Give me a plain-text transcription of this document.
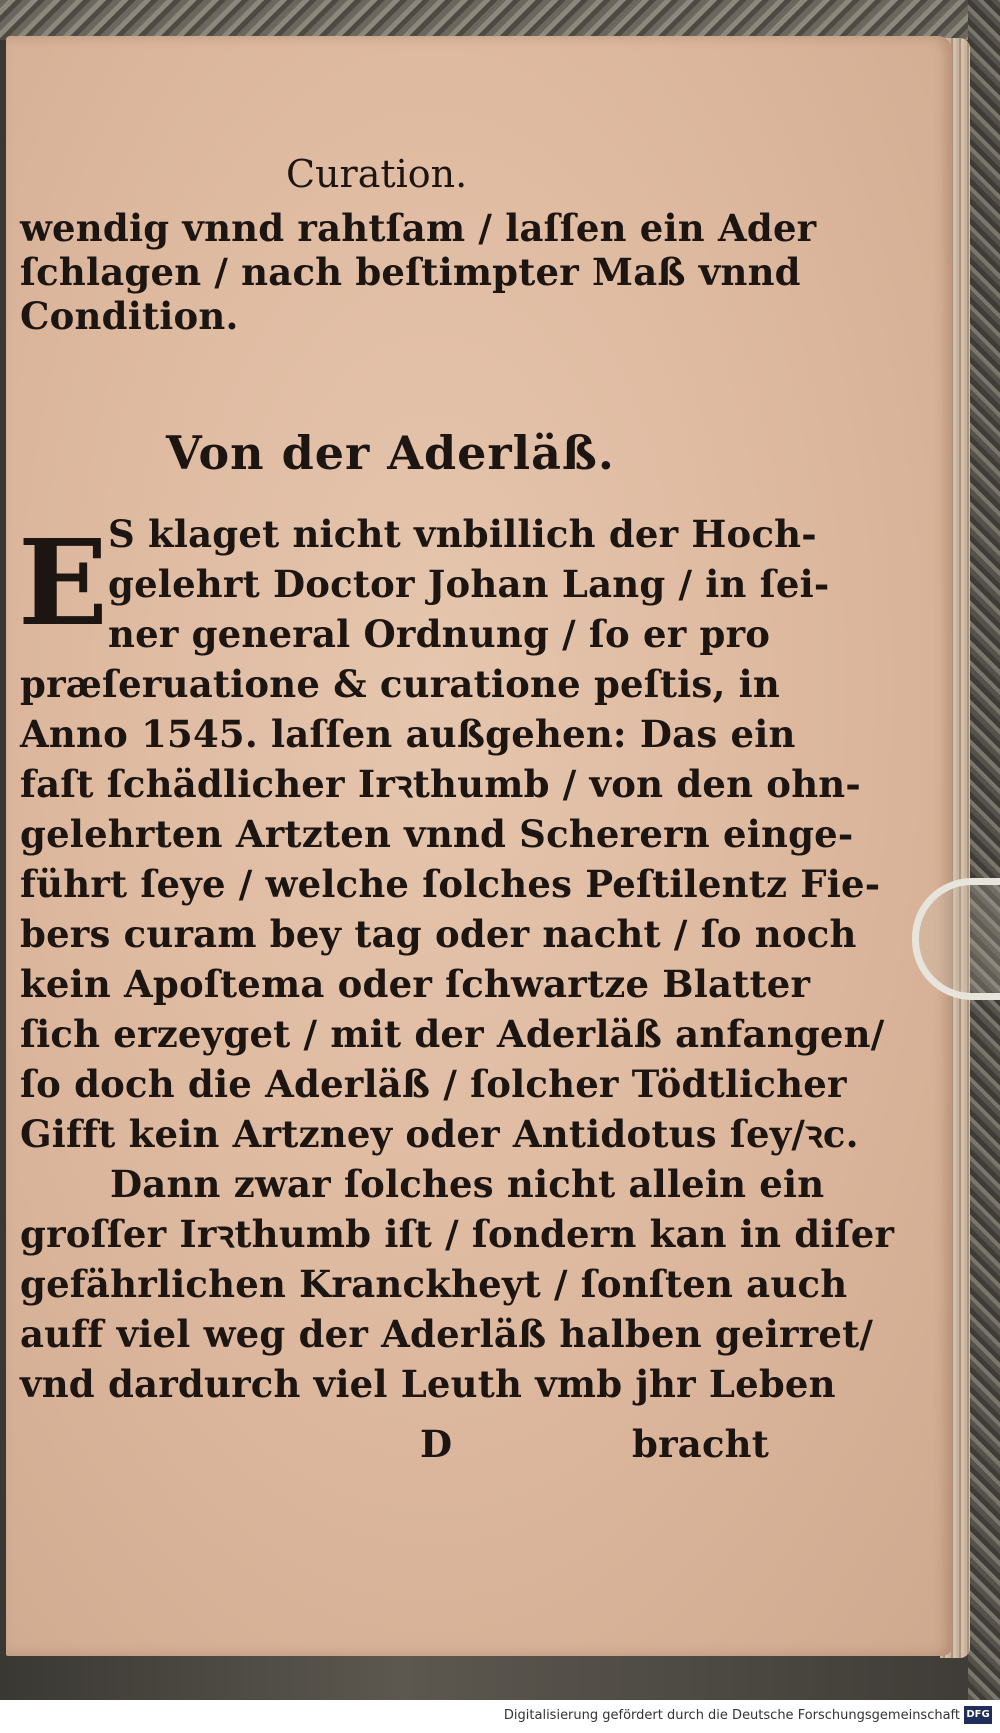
Curation.
wendig vnnd rahtſam / laſſen ein Ader
ſchlagen / nach beſtimpter Maß vnnd
Condition.
Von der Aderläß.
E S klaget nicht vnbillich der Hoch-
gelehrt Doctor Johan Lang / in ſei-
ner general Ordnung / ſo er pro
præſeruatione & curatione peſtis, in
Anno 1545. laſſen außgehen: Das ein
faſt ſchädlicher Irꝛthumb / von den ohn-
gelehrten Artzten vnnd Scherern einge-
führt ſeye / welche ſolches Peſtilentz Fie-
bers curam bey tag oder nacht / ſo noch
kein Apoſtema oder ſchwartze Blatter
ſich erzeyget / mit der Aderläß anfangen/
ſo doch die Aderläß / ſolcher Tödtlicher
Gifft kein Artzney oder Antidotus ſey/ꝛc.
Dann zwar ſolches nicht allein ein
groſſer Irꝛthumb iſt / ſondern kan in diſer
gefährlichen Kranckheyt / ſonſten auch
auff viel weg der Aderläß halben geirret/
vnd dardurch viel Leuth vmb jhr Leben
D	bracht
Digitalisierung gefördert durch die Deutsche Forschungsgemeinschaft DFG
